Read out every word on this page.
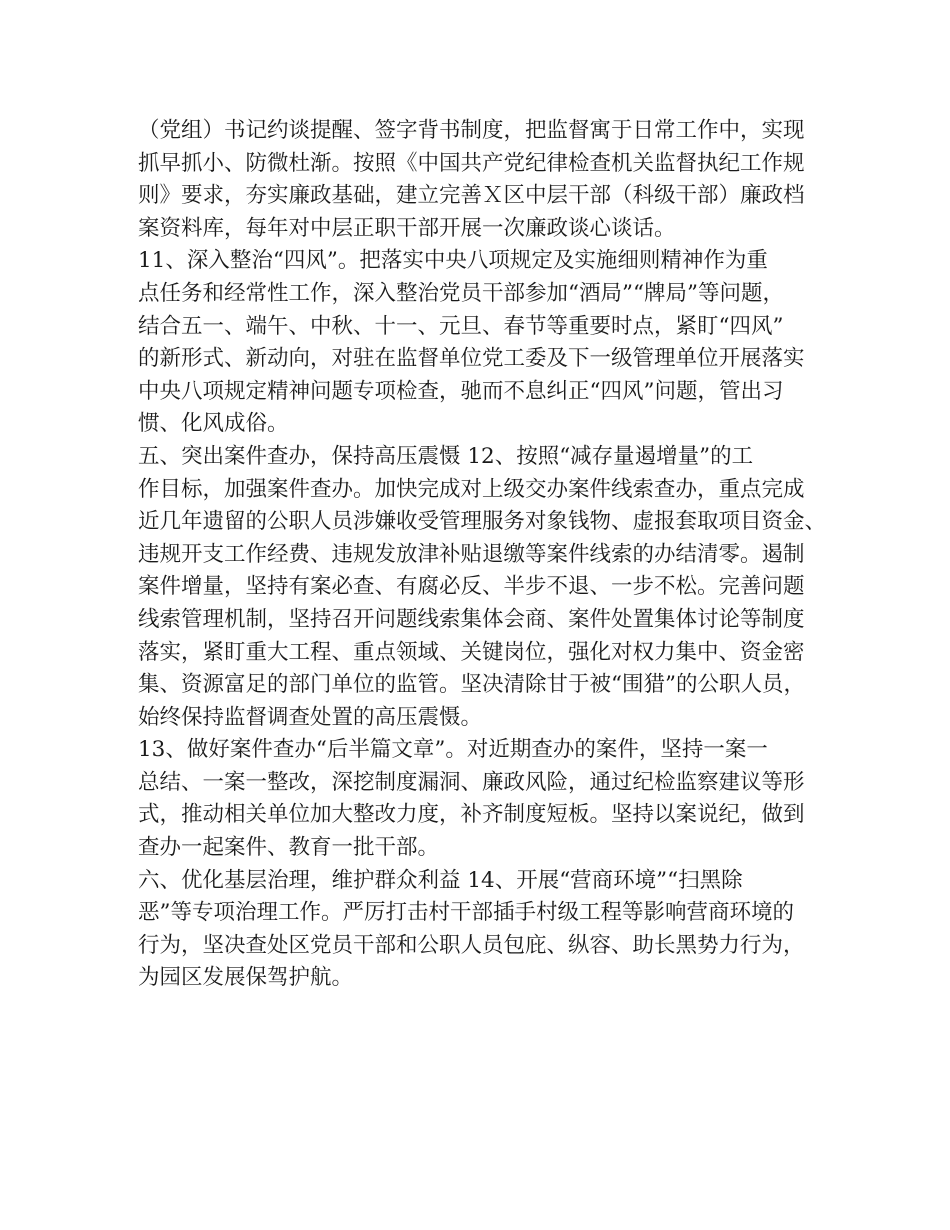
（党组）书记约谈提醒、签字背书制度，把监督寓于日常工作中，实现
抓早抓小、防微杜渐。按照《中国共产党纪律检查机关监督执纪工作规
则》要求，夯实廉政基础，建立完善Ｘ区中层干部（科级干部）廉政档
案资料库，每年对中层正职干部开展一次廉政谈心谈话。
11、深入整治“四风”。把落实中央八项规定及实施细则精神作为重
点任务和经常性工作，深入整治党员干部参加“酒局”“牌局”等问题，
结合五一、端午、中秋、十一、元旦、春节等重要时点，紧盯“四风”
的新形式、新动向，对驻在监督单位党工委及下一级管理单位开展落实
中央八项规定精神问题专项检查，驰而不息纠正“四风”问题，管出习
惯、化风成俗。
五、突出案件查办，保持高压震慑 12、按照“减存量遏增量”的工
作目标，加强案件查办。加快完成对上级交办案件线索查办，重点完成
近几年遗留的公职人员涉嫌收受管理服务对象钱物、虚报套取项目资金、
违规开支工作经费、违规发放津补贴退缴等案件线索的办结清零。遏制
案件增量，坚持有案必查、有腐必反、半步不退、一步不松。完善问题
线索管理机制，坚持召开问题线索集体会商、案件处置集体讨论等制度
落实，紧盯重大工程、重点领域、关键岗位，强化对权力集中、资金密
集、资源富足的部门单位的监管。坚决清除甘于被“围猎”的公职人员，
始终保持监督调查处置的高压震慑。
13、做好案件查办“后半篇文章”。对近期查办的案件，坚持一案一
总结、一案一整改，深挖制度漏洞、廉政风险，通过纪检监察建议等形
式，推动相关单位加大整改力度，补齐制度短板。坚持以案说纪，做到
查办一起案件、教育一批干部。
六、优化基层治理，维护群众利益 14、开展“营商环境”“扫黑除
恶”等专项治理工作。严厉打击村干部插手村级工程等影响营商环境的
行为，坚决查处区党员干部和公职人员包庇、纵容、助长黑势力行为，
为园区发展保驾护航。
